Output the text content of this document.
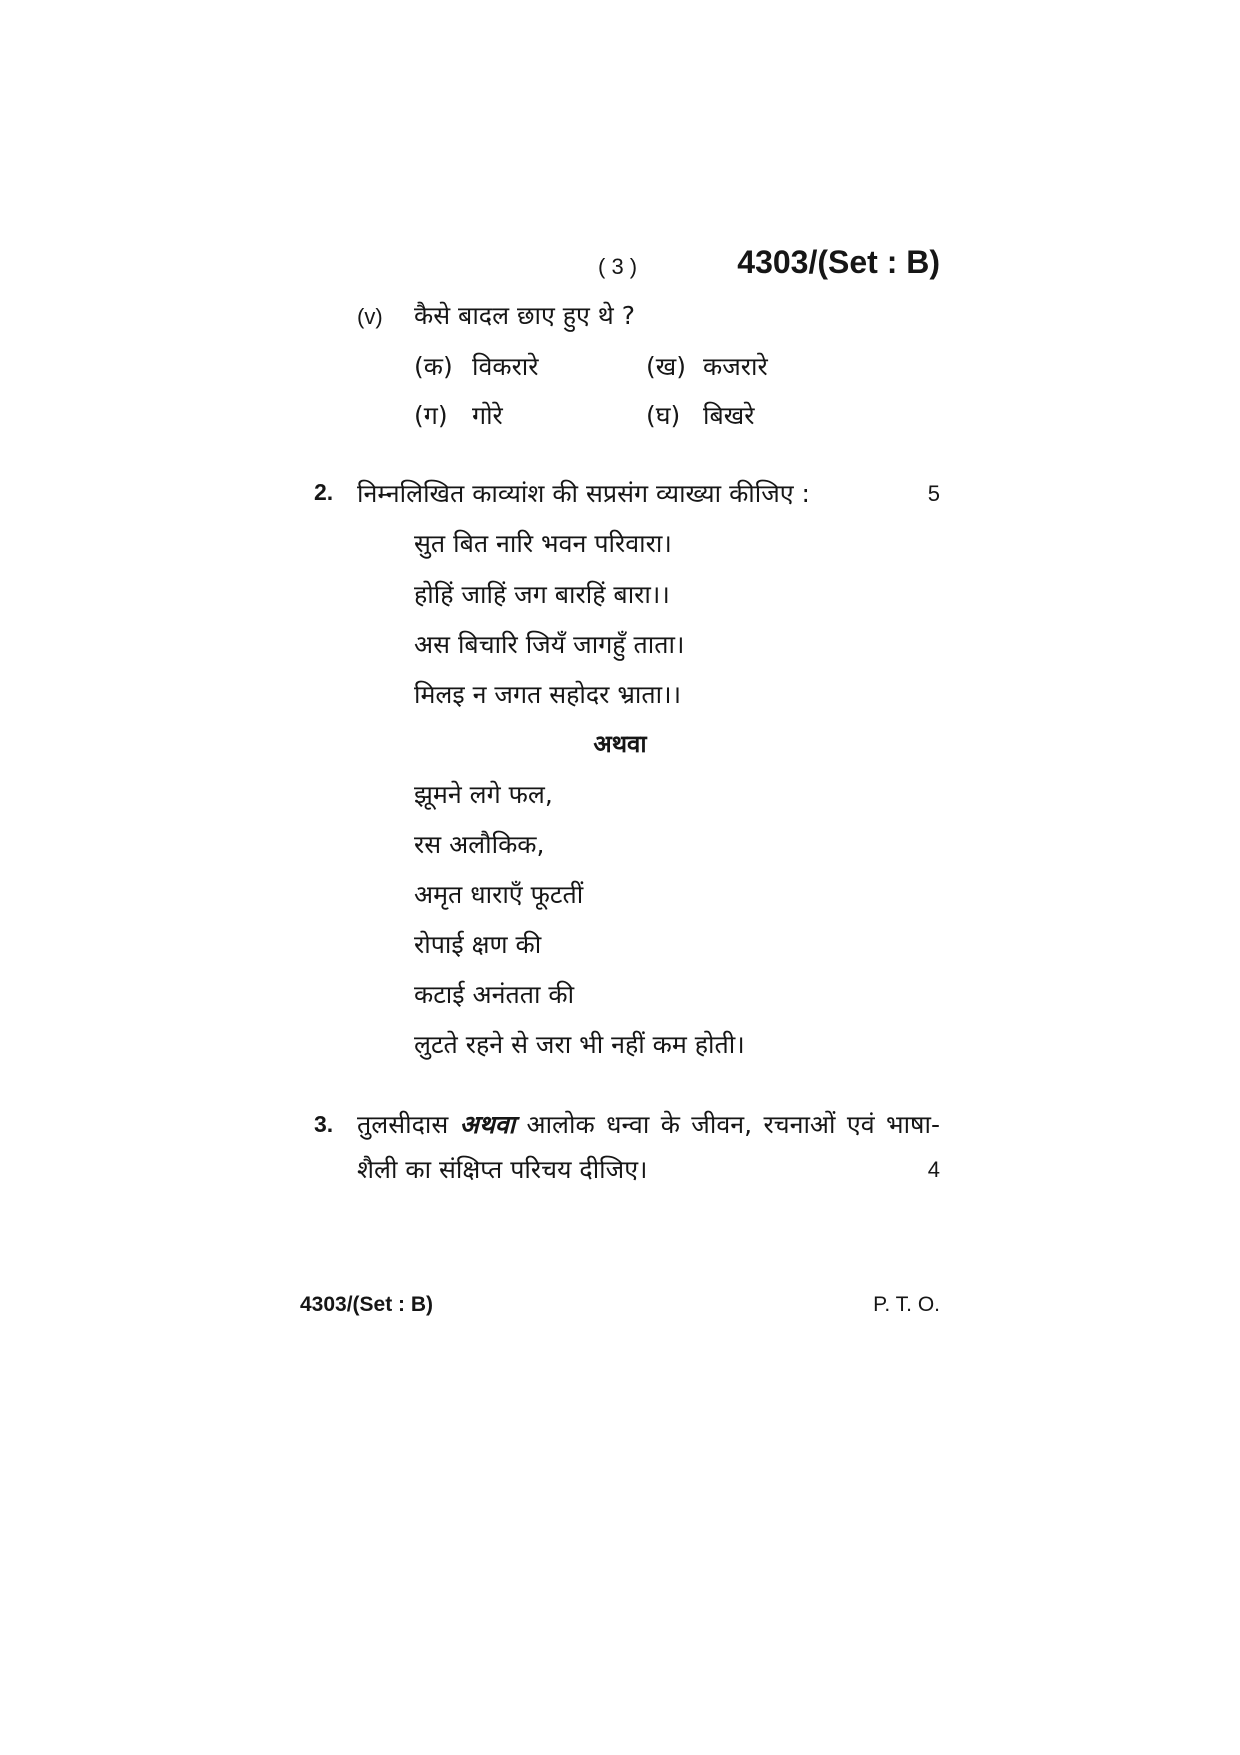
( 3 )	4303/(Set : B)
(v) कैसे बादल छाए हुए थे ?
(क) विकरारे	(ख) कजरारे
(ग) गोरे	(घ) बिखरे
2. निम्नलिखित काव्यांश की सप्रसंग व्याख्या कीजिए :	5
सुत बित नारि भवन परिवारा।
होहिं जाहिं जग बारहिं बारा।।
अस बिचारि जियँ जागहुँ ताता।
मिलइ न जगत सहोदर भ्राता।।
अथवा
झूमने लगे फल,
रस अलौकिक,
अमृत धाराएँ फूटतीं
रोपाई क्षण की
कटाई अनंतता की
लुटते रहने से जरा भी नहीं कम होती।
3. तुलसीदास अथवा आलोक धन्वा के जीवन, रचनाओं एवं भाषा-
शैली का संक्षिप्त परिचय दीजिए।	4
4303/(Set : B)	P. T. O.
